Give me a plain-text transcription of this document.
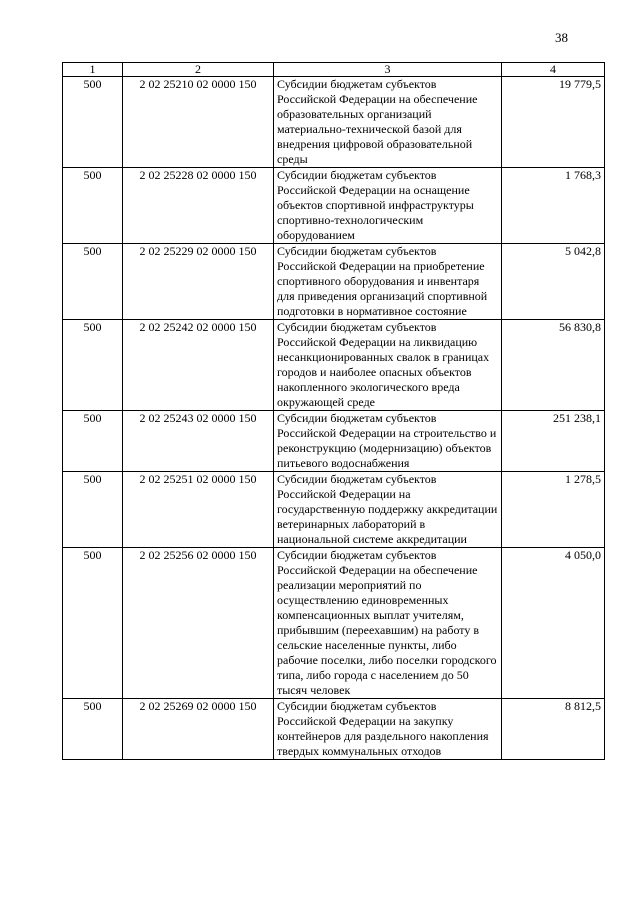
38
1	2	3	4
500	2 02 25210 02 0000 150	Субсидии бюджетам субъектов Российской Федерации на обеспечение образовательных организаций материально-технической базой для внедрения цифровой образовательной среды	19 779,5
500	2 02 25228 02 0000 150	Субсидии бюджетам субъектов Российской Федерации на оснащение объектов спортивной инфраструктуры спортивно-технологическим оборудованием	1 768,3
500	2 02 25229 02 0000 150	Субсидии бюджетам субъектов Российской Федерации на приобретение спортивного оборудования и инвентаря для приведения организаций спортивной подготовки в нормативное состояние	5 042,8
500	2 02 25242 02 0000 150	Субсидии бюджетам субъектов Российской Федерации на ликвидацию несанкционированных свалок в границах городов и наиболее опасных объектов накопленного экологического вреда окружающей среде	56 830,8
500	2 02 25243 02 0000 150	Субсидии бюджетам субъектов Российской Федерации на строительство и реконструкцию (модернизацию) объектов питьевого водоснабжения	251 238,1
500	2 02 25251 02 0000 150	Субсидии бюджетам субъектов Российской Федерации на государственную поддержку аккредитации ветеринарных лабораторий в национальной системе аккредитации	1 278,5
500	2 02 25256 02 0000 150	Субсидии бюджетам субъектов Российской Федерации на обеспечение реализации мероприятий по осуществлению единовременных компенсационных выплат учителям, прибывшим (переехавшим) на работу в сельские населенные пункты, либо рабочие поселки, либо поселки городского типа, либо города с населением до 50 тысяч человек	4 050,0
500	2 02 25269 02 0000 150	Субсидии бюджетам субъектов Российской Федерации на закупку контейнеров для раздельного накопления твердых коммунальных отходов	8 812,5
